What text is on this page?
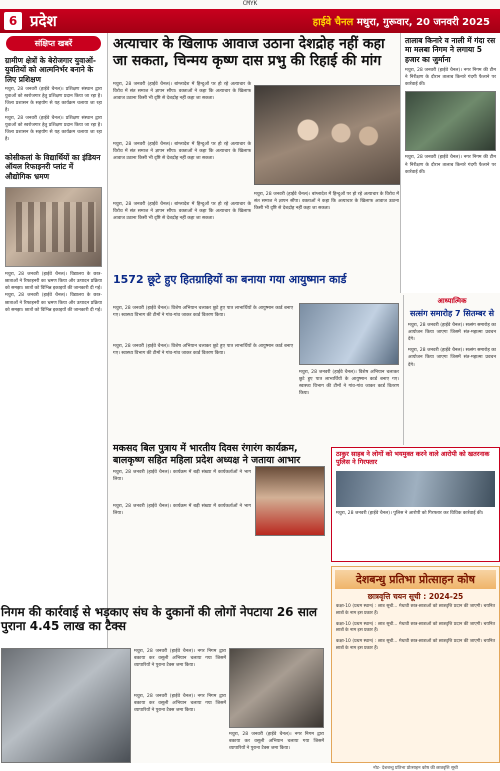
CMYK
6 प्रदेश	हाईवे चैनल मथुरा, गुरूवार, 20 जनवरी 2025
संक्षिप्त खबरें
ग्रामीण क्षेत्रों के बेरोजगार युवाओं-युवतियों को आत्मनिर्भर बनाने के लिए प्रशिक्षण
मथुरा, 28 जनवरी (हाईवे चैनल)। प्रशिक्षण संस्थान द्वारा युवाओं को स्वरोजगार हेतु प्रशिक्षण प्रदान किया जा रहा है। जिला प्रशासन के सहयोग से यह कार्यक्रम चलाया जा रहा है।
मथुरा, 28 जनवरी (हाईवे चैनल)। प्रशिक्षण संस्थान द्वारा युवाओं को स्वरोजगार हेतु प्रशिक्षण प्रदान किया जा रहा है। जिला प्रशासन के सहयोग से यह कार्यक्रम चलाया जा रहा है।
कोसीकलां के विद्यार्थियों का इंडियन ऑयल रिफाइनरी प्लांट में औद्योगिक भ्रमण
मथुरा, 28 जनवरी (हाईवे चैनल)। विद्यालय के छात्र-छात्राओं ने रिफाइनरी का भ्रमण किया और उत्पादन प्रक्रिया को समझा। छात्रों को विभिन्न इकाइयों की जानकारी दी गई।
मथुरा, 28 जनवरी (हाईवे चैनल)। विद्यालय के छात्र-छात्राओं ने रिफाइनरी का भ्रमण किया और उत्पादन प्रक्रिया को समझा। छात्रों को विभिन्न इकाइयों की जानकारी दी गई।
अत्याचार के खिलाफ आवाज उठाना देशद्रोह नहीं कहा जा सकता, चिन्मय कृष्ण दास प्रभु की रिहाई की मांग
मथुरा, 28 जनवरी (हाईवे चैनल)। बांग्लादेश में हिन्दुओं पर हो रहे अत्याचार के विरोध में संत समाज ने ज्ञापन सौंपा। वक्ताओं ने कहा कि अत्याचार के खिलाफ आवाज उठाना किसी भी दृष्टि से देशद्रोह नहीं कहा जा सकता।
मथुरा, 28 जनवरी (हाईवे चैनल)। बांग्लादेश में हिन्दुओं पर हो रहे अत्याचार के विरोध में संत समाज ने ज्ञापन सौंपा। वक्ताओं ने कहा कि अत्याचार के खिलाफ आवाज उठाना किसी भी दृष्टि से देशद्रोह नहीं कहा जा सकता।
मथुरा, 28 जनवरी (हाईवे चैनल)। बांग्लादेश में हिन्दुओं पर हो रहे अत्याचार के विरोध में संत समाज ने ज्ञापन सौंपा। वक्ताओं ने कहा कि अत्याचार के खिलाफ आवाज उठाना किसी भी दृष्टि से देशद्रोह नहीं कहा जा सकता।
मथुरा, 28 जनवरी (हाईवे चैनल)। बांग्लादेश में हिन्दुओं पर हो रहे अत्याचार के विरोध में संत समाज ने ज्ञापन सौंपा। वक्ताओं ने कहा कि अत्याचार के खिलाफ आवाज उठाना किसी भी दृष्टि से देशद्रोह नहीं कहा जा सकता।
तालाब किनारे व नाली में गंदा रस मा मलबा निगम ने लगाया 5 हजार का जुर्माना
मथुरा, 28 जनवरी (हाईवे चैनल)। नगर निगम की टीम ने निरीक्षण के दौरान तालाब किनारे गंदगी फैलाने पर कार्रवाई की।
मथुरा, 28 जनवरी (हाईवे चैनल)। नगर निगम की टीम ने निरीक्षण के दौरान तालाब किनारे गंदगी फैलाने पर कार्रवाई की।
1572 छूटे हुए हितग्राहियों का बनाया गया आयुष्मान कार्ड
मथुरा, 28 जनवरी (हाईवे चैनल)। विशेष अभियान चलाकर छूटे हुए पात्र लाभार्थियों के आयुष्मान कार्ड बनाए गए। स्वास्थ्य विभाग की टीमों ने गांव-गांव जाकर कार्ड वितरण किया।
मथुरा, 28 जनवरी (हाईवे चैनल)। विशेष अभियान चलाकर छूटे हुए पात्र लाभार्थियों के आयुष्मान कार्ड बनाए गए। स्वास्थ्य विभाग की टीमों ने गांव-गांव जाकर कार्ड वितरण किया।
मथुरा, 28 जनवरी (हाईवे चैनल)। विशेष अभियान चलाकर छूटे हुए पात्र लाभार्थियों के आयुष्मान कार्ड बनाए गए। स्वास्थ्य विभाग की टीमों ने गांव-गांव जाकर कार्ड वितरण किया।
आध्यात्मिक
सत्संग समारोह 7 सितम्बर से
मथुरा, 28 जनवरी (हाईवे चैनल)। सत्संग समारोह का आयोजन किया जाएगा जिसमें संत-महात्मा प्रवचन देंगे।
मथुरा, 28 जनवरी (हाईवे चैनल)। सत्संग समारोह का आयोजन किया जाएगा जिसमें संत-महात्मा प्रवचन देंगे।
मकसद बिल पुत्राय में भारतीय दिवस रंगारंग कार्यक्रम, बालकृष्ण सहित महिला प्रदेश अध्यक्ष ने जताया आभार
मथुरा, 28 जनवरी (हाईवे चैनल)। कार्यक्रम में बड़ी संख्या में कार्यकर्ताओं ने भाग लिया।
मथुरा, 28 जनवरी (हाईवे चैनल)। कार्यक्रम में बड़ी संख्या में कार्यकर्ताओं ने भाग लिया।
ठाकुर साहब ने लोगों को भयमुक्त करने वाले आरोपी को खतरनाक पुलिस ने गिरफ्तार
मथुरा, 28 जनवरी (हाईवे चैनल)। पुलिस ने आरोपी को गिरफ्तार कर विधिक कार्रवाई की।
देशबन्धु प्रतिभा प्रोत्साहन कोष
छात्रवृत्ति चयन सूची : 2024-25
कक्षा-10 (प्रथम स्थान) : छात्र सूची... मेधावी छात्र-छात्राओं को छात्रवृत्ति प्रदान की जाएगी। चयनित छात्रों के नाम इस प्रकार हैं।
कक्षा-10 (प्रथम स्थान) : छात्र सूची... मेधावी छात्र-छात्राओं को छात्रवृत्ति प्रदान की जाएगी। चयनित छात्रों के नाम इस प्रकार हैं।
कक्षा-10 (प्रथम स्थान) : छात्र सूची... मेधावी छात्र-छात्राओं को छात्रवृत्ति प्रदान की जाएगी। चयनित छात्रों के नाम इस प्रकार हैं।
नोट- देशबन्धु प्रतिभा प्रोत्साहन कोष की छात्रवृत्ति सूची
निगम की कार्रवाई से भड़काए संघ के दुकानों की लोगों नेपटाया 26 साल पुराना 4.45 लाख का टैक्स
मथुरा, 28 जनवरी (हाईवे चैनल)। नगर निगम द्वारा बकाया कर वसूली अभियान चलाया गया जिसमें व्यापारियों ने पुराना टैक्स जमा किया।
मथुरा, 28 जनवरी (हाईवे चैनल)। नगर निगम द्वारा बकाया कर वसूली अभियान चलाया गया जिसमें व्यापारियों ने पुराना टैक्स जमा किया।
मथुरा, 28 जनवरी (हाईवे चैनल)। नगर निगम द्वारा बकाया कर वसूली अभियान चलाया गया जिसमें व्यापारियों ने पुराना टैक्स जमा किया।
